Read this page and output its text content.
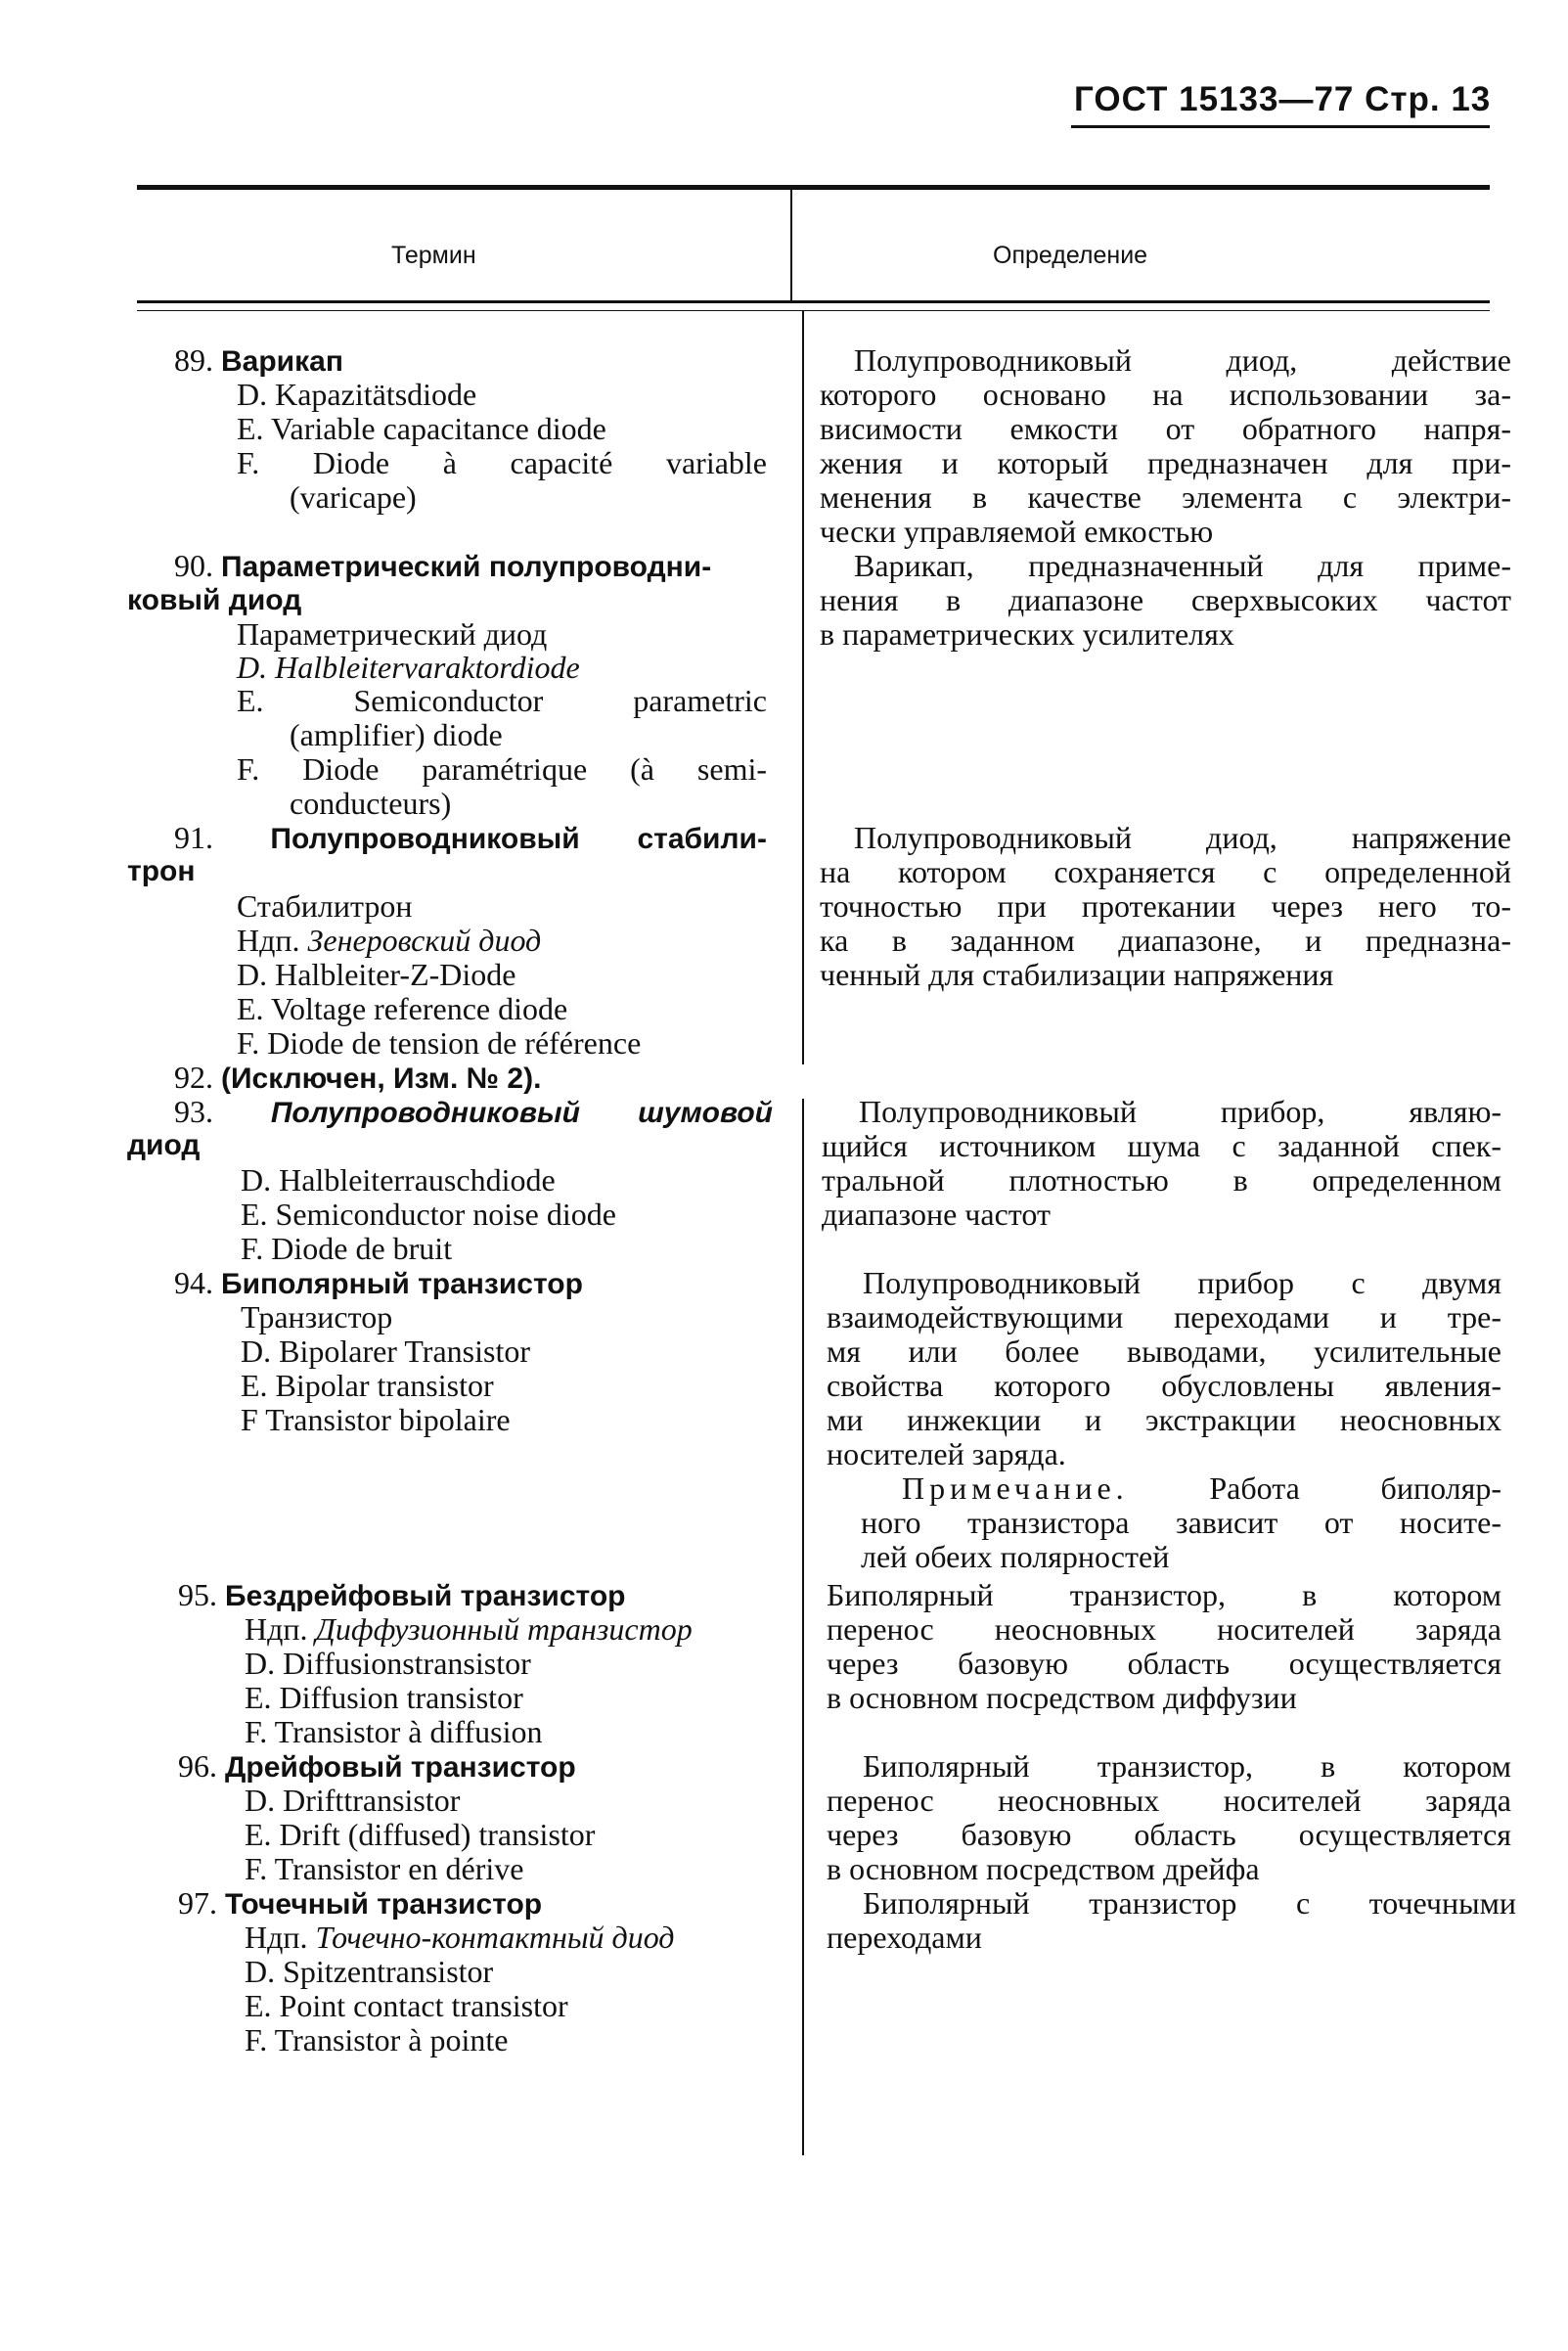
ГОСТ 15133—77 Стр. 13
Термин	Определение
89. Варикап
D. Kapazitätsdiode
E. Variable capacitance diode
F. Diode à capacité variable
(varicape)
90. Параметрический полупроводни-
ковый диод
Параметрический диод
D. Halbleitervaraktordiode
E. Semiconductor parametric
(amplifier) diode
F. Diode paramétrique (à semi-
conducteurs)
91. Полупроводниковый стабили-
трон
Стабилитрон
Ндп. Зенеровский диод
D. Halbleiter-Z-Diode
E. Voltage reference diode
F. Diode de tension de référence
92. (Исключен, Изм. № 2).
93. Полупроводниковый шумовой
диод
D. Halbleiterrauschdiode
E. Semiconductor noise diode
F. Diode de bruit
94. Биполярный транзистор
Транзистор
D. Bipolarer Transistor
E. Bipolar transistor
F Transistor bipolaire
95. Бездрейфовый транзистор
Ндп. Диффузионный транзистор
D. Diffusionstransistor
E. Diffusion transistor
F. Transistor à diffusion
96. Дрейфовый транзистор
D. Drifttransistor
E. Drift (diffused) transistor
F. Transistor en dérive
97. Точечный транзистор
Ндп. Точечно-контактный диод
D. Spitzentransistor
E. Point contact transistor
F. Transistor à pointe
Полупроводниковый диод, действие
которого основано на использовании за-
висимости емкости от обратного напря-
жения и который предназначен для при-
менения в качестве элемента с электри-
чески управляемой емкостью
Варикап, предназначенный для приме-
нения в диапазоне сверхвысоких частот
в параметрических усилителях
Полупроводниковый диод, напряжение
на котором сохраняется с определенной
точностью при протекании через него то-
ка в заданном диапазоне, и предназна-
ченный для стабилизации напряжения
Полупроводниковый прибор, являю-
щийся источником шума с заданной спек-
тральной плотностью в определенном
диапазоне частот
Полупроводниковый прибор с двумя
взаимодействующими переходами и тре-
мя или более выводами, усилительные
свойства которого обусловлены явления-
ми инжекции и экстракции неосновных
носителей заряда.
Примечание.	Работа биполяр-
ного транзистора зависит от носите-
лей обеих полярностей
Биполярный транзистор, в котором
перенос неосновных носителей заряда
через базовую область осуществляется
в основном посредством диффузии
Биполярный транзистор, в котором
перенос неосновных носителей заряда
через базовую область осуществляется
в основном посредством дрейфа
Биполярный транзистор с точечными
переходами
